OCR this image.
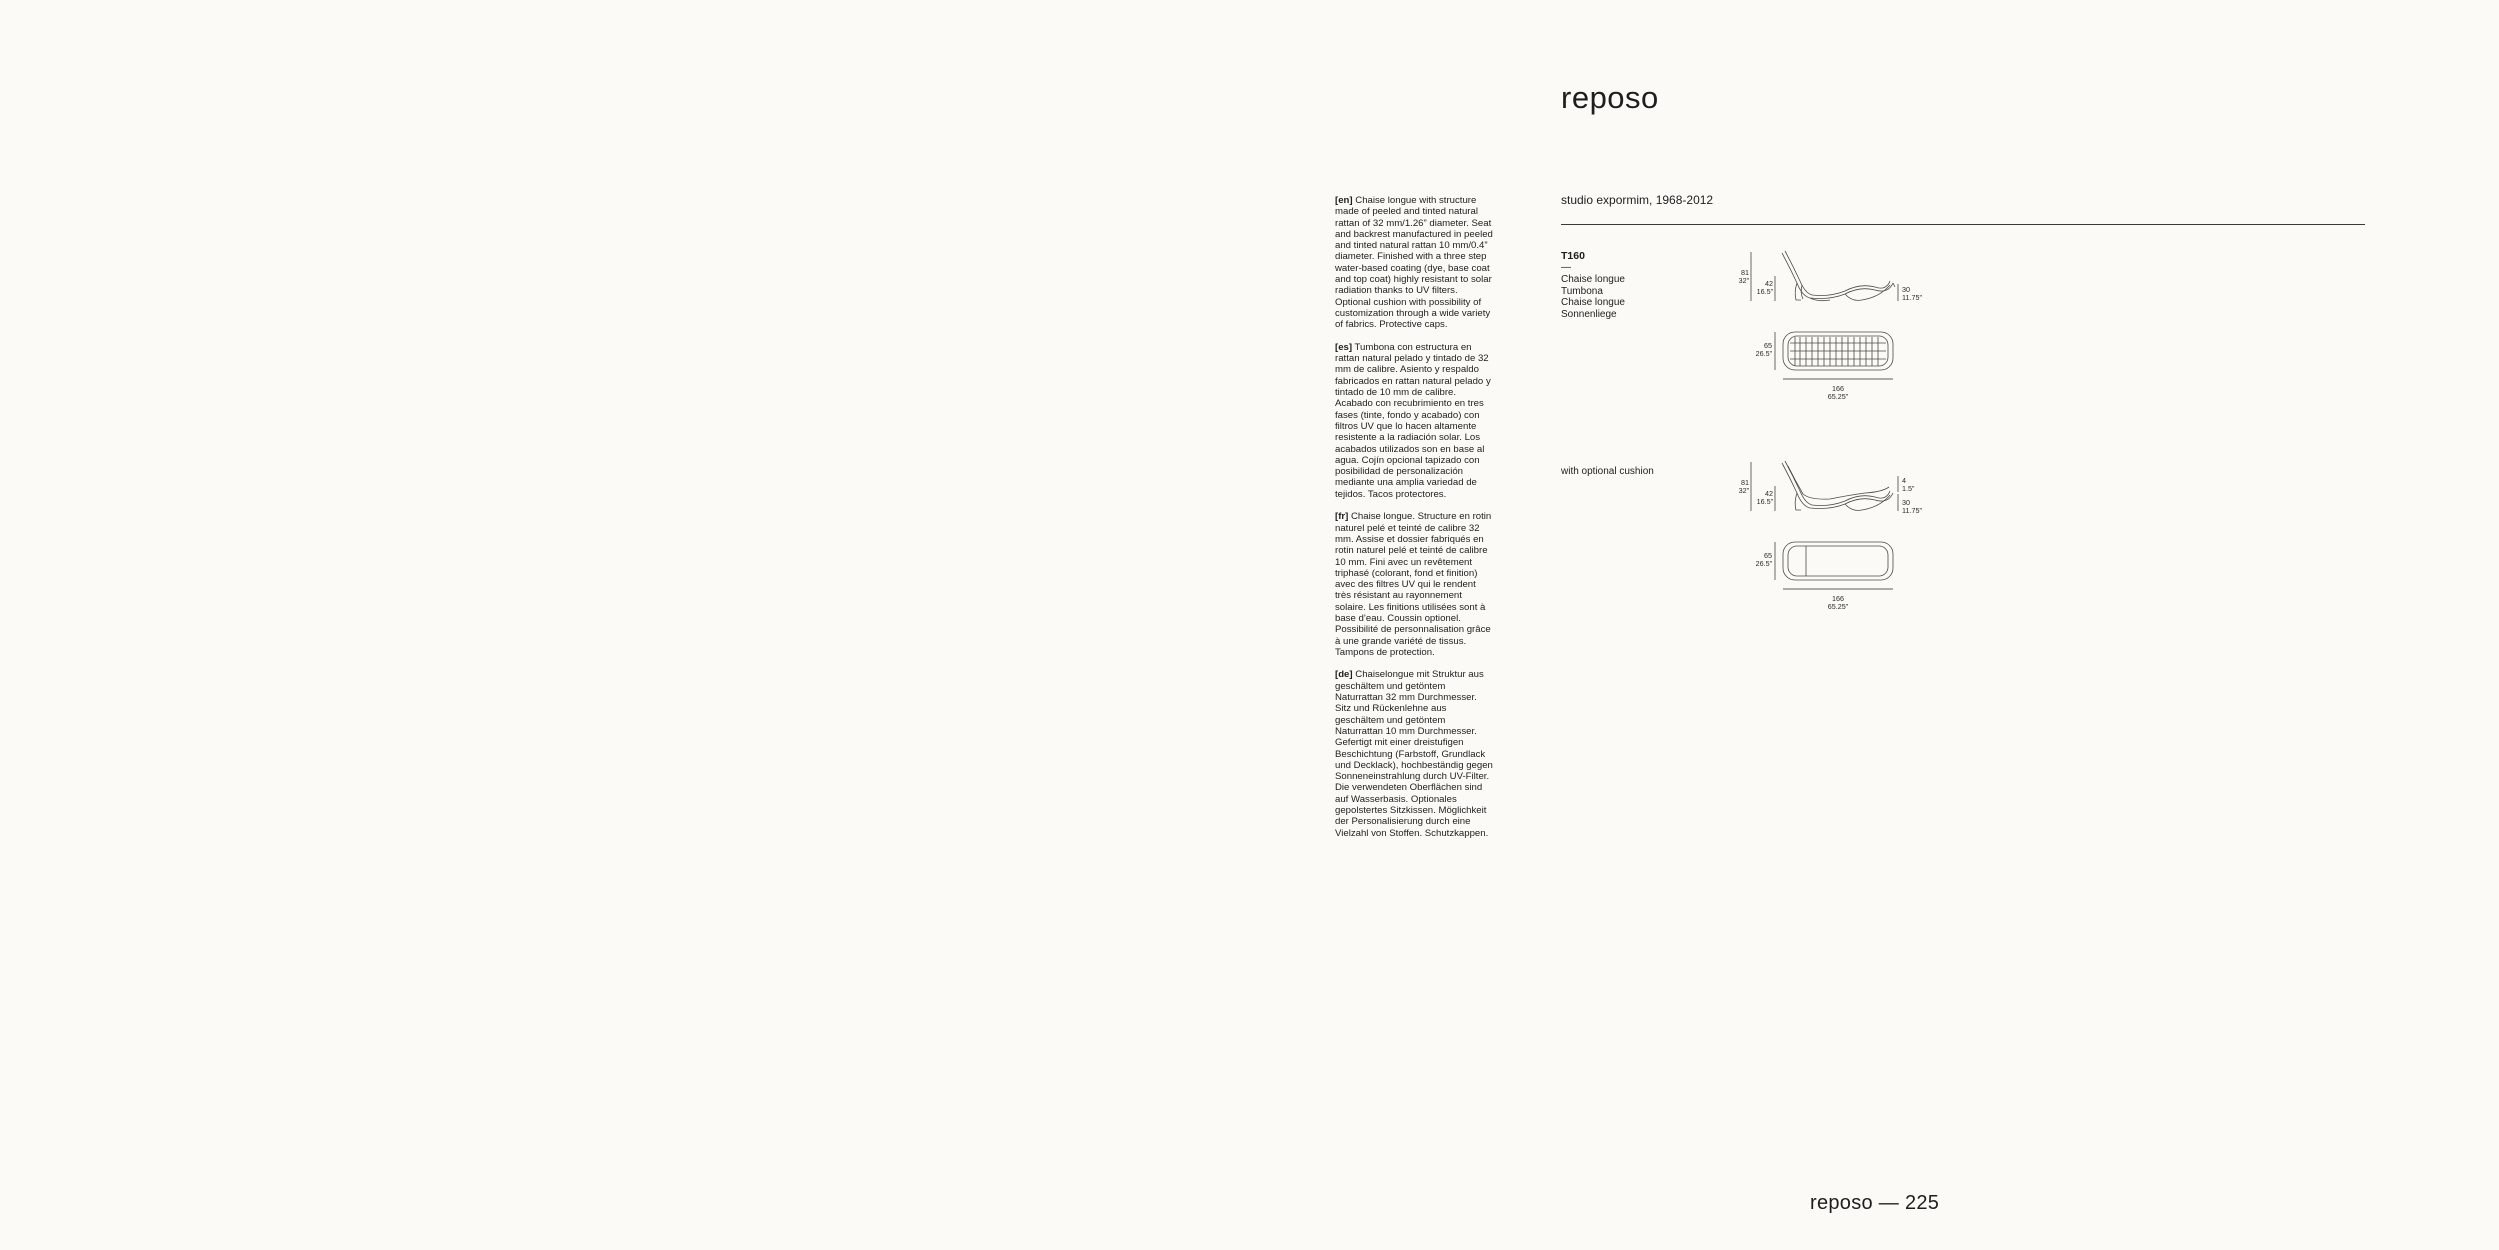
reposo
studio expormim, 1968-2012
T160
—
Chaise longue
Tumbona
Chaise longue
Sonnenliege
with optional cushion

[en] Chaise longue with structure made of peeled and tinted natural rattan of 32 mm/1.26” diameter. Seat and backrest manufactured in peeled and tinted natural rattan 10 mm/0.4” diameter. Finished with a three step water-based coating (dye, base coat and top coat) highly resistant to solar radiation thanks to UV filters. Optional cushion with possibility of customization through a wide variety of fabrics. Protective caps.

[es] Tumbona con estructura en rattan natural pelado y tintado de 32 mm de calibre. Asiento y respaldo fabricados en rattan natural pelado y tintado de 10 mm de calibre. Acabado con recubrimiento en tres fases (tinte, fondo y acabado) con filtros UV que lo hacen altamente resistente a la radiación solar. Los acabados utilizados son en base al agua. Cojín opcional tapizado con posibilidad de personalización mediante una amplia variedad de tejidos. Tacos protectores.

[fr] Chaise longue. Structure en rotin naturel pelé et teinté de calibre 32 mm. Assise et dossier fabriqués en rotin naturel pelé et teinté de calibre 10 mm. Fini avec un revêtement triphasé (colorant, fond et finition) avec des filtres UV qui le rendent très résistant au rayonnement solaire. Les finitions utilisées sont à base d’eau. Coussin optionel. Possibilité de personnalisation grâce à une grande variété de tissus. Tampons de protection.

[de] Chaiselongue mit Struktur aus geschältem und getöntem Naturrattan 32 mm Durchmesser. Sitz und Rückenlehne aus geschältem und getöntem Naturrattan 10 mm Durchmesser. Gefertigt mit einer dreistufigen Beschichtung (Farbstoff, Grundlack und Decklack), hochbeständig gegen Sonneneinstrahlung durch UV-Filter. Die verwendeten Oberflächen sind auf Wasserbasis. Optionales gepolstertes Sitzkissen. Möglichkeit der Personalisierung durch eine Vielzahl von Stoffen. Schutzkappen.

81
32”	42
16.5”	30
11.75”
65
26.5”
166
65.25”
81
32”	42
16.5”
4
1.5”
30
11.75”
65
26.5”
166
65.25”
reposo — 225
